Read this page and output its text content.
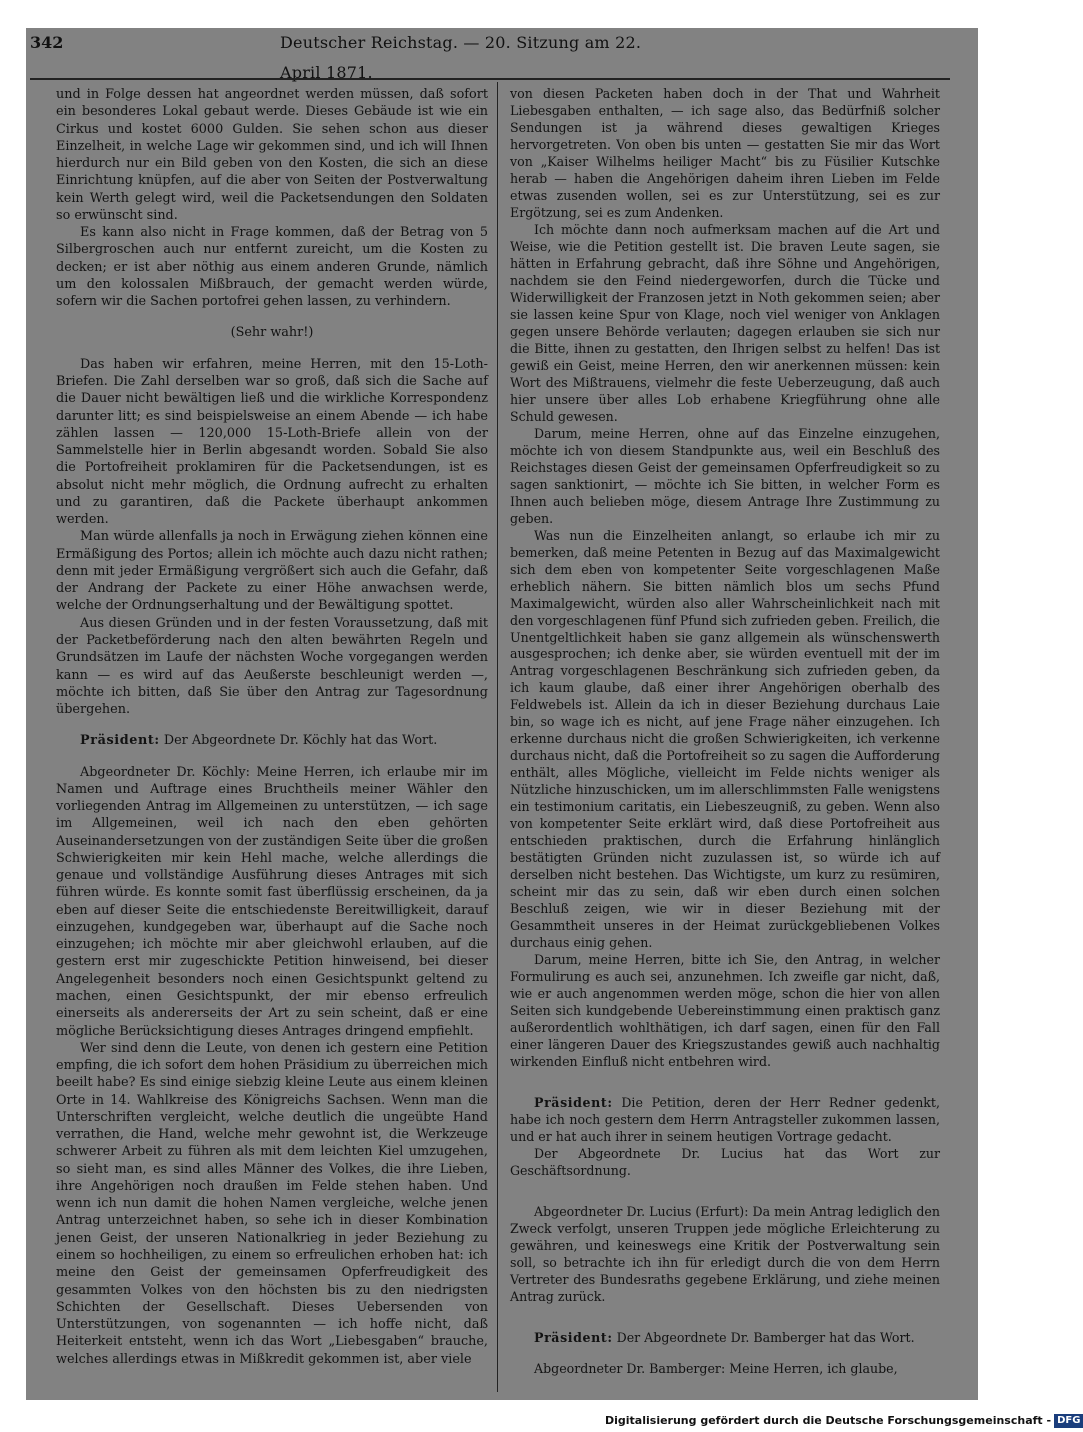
342	Deutscher Reichstag. — 20. Sitzung am 22. April 1871.

und in Folge dessen hat angeordnet werden müssen, daß sofort ein besonderes Lokal gebaut werde. Dieses Gebäude ist wie ein Cirkus und kostet 6000 Gulden. Sie sehen schon aus dieser Einzelheit, in welche Lage wir gekommen sind, und ich will Ihnen hierdurch nur ein Bild geben von den Kosten, die sich an diese Einrichtung knüpfen, auf die aber von Seiten der Postverwaltung kein Werth gelegt wird, weil die Packetsendungen den Soldaten so erwünscht sind.

Es kann also nicht in Frage kommen, daß der Betrag von 5 Silbergroschen auch nur entfernt zureicht, um die Kosten zu decken; er ist aber nöthig aus einem anderen Grunde, nämlich um den kolossalen Mißbrauch, der gemacht werden würde, sofern wir die Sachen portofrei gehen lassen, zu verhindern.

(Sehr wahr!)

Das haben wir erfahren, meine Herren, mit den 15-Loth-Briefen. Die Zahl derselben war so groß, daß sich die Sache auf die Dauer nicht bewältigen ließ und die wirkliche Korrespondenz darunter litt; es sind beispielsweise an einem Abende — ich habe zählen lassen — 120,000 15-Loth-Briefe allein von der Sammelstelle hier in Berlin abgesandt worden. Sobald Sie also die Portofreiheit proklamiren für die Packetsendungen, ist es absolut nicht mehr möglich, die Ordnung aufrecht zu erhalten und zu garantiren, daß die Packete überhaupt ankommen werden.

Man würde allenfalls ja noch in Erwägung ziehen können eine Ermäßigung des Portos; allein ich möchte auch dazu nicht rathen; denn mit jeder Ermäßigung vergrößert sich auch die Gefahr, daß der Andrang der Packete zu einer Höhe anwachsen werde, welche der Ordnungserhaltung und der Bewältigung spottet.

Aus diesen Gründen und in der festen Voraussetzung, daß mit der Packetbeförderung nach den alten bewährten Regeln und Grundsätzen im Laufe der nächsten Woche vorgegangen werden kann — es wird auf das Aeußerste beschleunigt werden —, möchte ich bitten, daß Sie über den Antrag zur Tagesordnung übergehen.

Präsident: Der Abgeordnete Dr. Köchly hat das Wort.

Abgeordneter Dr. Köchly: Meine Herren, ich erlaube mir im Namen und Auftrage eines Bruchtheils meiner Wähler den vorliegenden Antrag im Allgemeinen zu unterstützen, — ich sage im Allgemeinen, weil ich nach den eben gehörten Auseinandersetzungen von der zuständigen Seite über die großen Schwierigkeiten mir kein Hehl mache, welche allerdings die genaue und vollständige Ausführung dieses Antrages mit sich führen würde. Es konnte somit fast überflüssig erscheinen, da ja eben auf dieser Seite die entschiedenste Bereitwilligkeit, darauf einzugehen, kundgegeben war, überhaupt auf die Sache noch einzugehen; ich möchte mir aber gleichwohl erlauben, auf die gestern erst mir zugeschickte Petition hinweisend, bei dieser Angelegenheit besonders noch einen Gesichtspunkt geltend zu machen, einen Gesichtspunkt, der mir ebenso erfreulich einerseits als andererseits der Art zu sein scheint, daß er eine mögliche Berücksichtigung dieses Antrages dringend empfiehlt.

Wer sind denn die Leute, von denen ich gestern eine Petition empfing, die ich sofort dem hohen Präsidium zu überreichen mich beeilt habe? Es sind einige siebzig kleine Leute aus einem kleinen Orte in 14. Wahlkreise des Königreichs Sachsen. Wenn man die Unterschriften vergleicht, welche deutlich die ungeübte Hand verrathen, die Hand, welche mehr gewohnt ist, die Werkzeuge schwerer Arbeit zu führen als mit dem leichten Kiel umzugehen, so sieht man, es sind alles Männer des Volkes, die ihre Lieben, ihre Angehörigen noch draußen im Felde stehen haben. Und wenn ich nun damit die hohen Namen vergleiche, welche jenen Antrag unterzeichnet haben, so sehe ich in dieser Kombination jenen Geist, der unseren Nationalkrieg in jeder Beziehung zu einem so hochheiligen, zu einem so erfreulichen erhoben hat: ich meine den Geist der gemeinsamen Opferfreudigkeit des gesammten Volkes von den höchsten bis zu den niedrigsten Schichten der Gesellschaft. Dieses Uebersenden von Unterstützungen, von sogenannten — ich hoffe nicht, daß Heiterkeit entsteht, wenn ich das Wort „Liebesgaben“ brauche, welches allerdings etwas in Mißkredit gekommen ist, aber viele

von diesen Packeten haben doch in der That und Wahrheit Liebesgaben enthalten, — ich sage also, das Bedürfniß solcher Sendungen ist ja während dieses gewaltigen Krieges hervorgetreten. Von oben bis unten — gestatten Sie mir das Wort von „Kaiser Wilhelms heiliger Macht“ bis zu Füsilier Kutschke herab — haben die Angehörigen daheim ihren Lieben im Felde etwas zusenden wollen, sei es zur Unterstützung, sei es zur Ergötzung, sei es zum Andenken.

Ich möchte dann noch aufmerksam machen auf die Art und Weise, wie die Petition gestellt ist. Die braven Leute sagen, sie hätten in Erfahrung gebracht, daß ihre Söhne und Angehörigen, nachdem sie den Feind niedergeworfen, durch die Tücke und Widerwilligkeit der Franzosen jetzt in Noth gekommen seien; aber sie lassen keine Spur von Klage, noch viel weniger von Anklagen gegen unsere Behörde verlauten; dagegen erlauben sie sich nur die Bitte, ihnen zu gestatten, den Ihrigen selbst zu helfen! Das ist gewiß ein Geist, meine Herren, den wir anerkennen müssen: kein Wort des Mißtrauens, vielmehr die feste Ueberzeugung, daß auch hier unsere über alles Lob erhabene Kriegführung ohne alle Schuld gewesen.

Darum, meine Herren, ohne auf das Einzelne einzugehen, möchte ich von diesem Standpunkte aus, weil ein Beschluß des Reichstages diesen Geist der gemeinsamen Opferfreudigkeit so zu sagen sanktionirt, — möchte ich Sie bitten, in welcher Form es Ihnen auch belieben möge, diesem Antrage Ihre Zustimmung zu geben.

Was nun die Einzelheiten anlangt, so erlaube ich mir zu bemerken, daß meine Petenten in Bezug auf das Maximalgewicht sich dem eben von kompetenter Seite vorgeschlagenen Maße erheblich nähern. Sie bitten nämlich blos um sechs Pfund Maximalgewicht, würden also aller Wahrscheinlichkeit nach mit den vorgeschlagenen fünf Pfund sich zufrieden geben. Freilich, die Unentgeltlichkeit haben sie ganz allgemein als wünschenswerth ausgesprochen; ich denke aber, sie würden eventuell mit der im Antrag vorgeschlagenen Beschränkung sich zufrieden geben, da ich kaum glaube, daß einer ihrer Angehörigen oberhalb des Feldwebels ist. Allein da ich in dieser Beziehung durchaus Laie bin, so wage ich es nicht, auf jene Frage näher einzugehen. Ich erkenne durchaus nicht die großen Schwierigkeiten, ich verkenne durchaus nicht, daß die Portofreiheit so zu sagen die Aufforderung enthält, alles Mögliche, vielleicht im Felde nichts weniger als Nützliche hinzuschicken, um im allerschlimmsten Falle wenigstens ein testimonium caritatis, ein Liebeszeugniß, zu geben. Wenn also von kompetenter Seite erklärt wird, daß diese Portofreiheit aus entschieden praktischen, durch die Erfahrung hinlänglich bestätigten Gründen nicht zuzulassen ist, so würde ich auf derselben nicht bestehen. Das Wichtigste, um kurz zu resümiren, scheint mir das zu sein, daß wir eben durch einen solchen Beschluß zeigen, wie wir in dieser Beziehung mit der Gesammtheit unseres in der Heimat zurückgebliebenen Volkes durchaus einig gehen.

Darum, meine Herren, bitte ich Sie, den Antrag, in welcher Formulirung es auch sei, anzunehmen. Ich zweifle gar nicht, daß, wie er auch angenommen werden möge, schon die hier von allen Seiten sich kundgebende Uebereinstimmung einen praktisch ganz außerordentlich wohlthätigen, ich darf sagen, einen für den Fall einer längeren Dauer des Kriegszustandes gewiß auch nachhaltig wirkenden Einfluß nicht entbehren wird.

Präsident: Die Petition, deren der Herr Redner gedenkt, habe ich noch gestern dem Herrn Antragsteller zukommen lassen, und er hat auch ihrer in seinem heutigen Vortrage gedacht.

Der Abgeordnete Dr. Lucius hat das Wort zur Geschäftsordnung.

Abgeordneter Dr. Lucius (Erfurt): Da mein Antrag lediglich den Zweck verfolgt, unseren Truppen jede mögliche Erleichterung zu gewähren, und keineswegs eine Kritik der Postverwaltung sein soll, so betrachte ich ihn für erledigt durch die von dem Herrn Vertreter des Bundesraths gegebene Erklärung, und ziehe meinen Antrag zurück.

Präsident: Der Abgeordnete Dr. Bamberger hat das Wort.

Abgeordneter Dr. Bamberger: Meine Herren, ich glaube,

Digitalisierung gefördert durch die Deutsche Forschungsgemeinschaft - DFG
